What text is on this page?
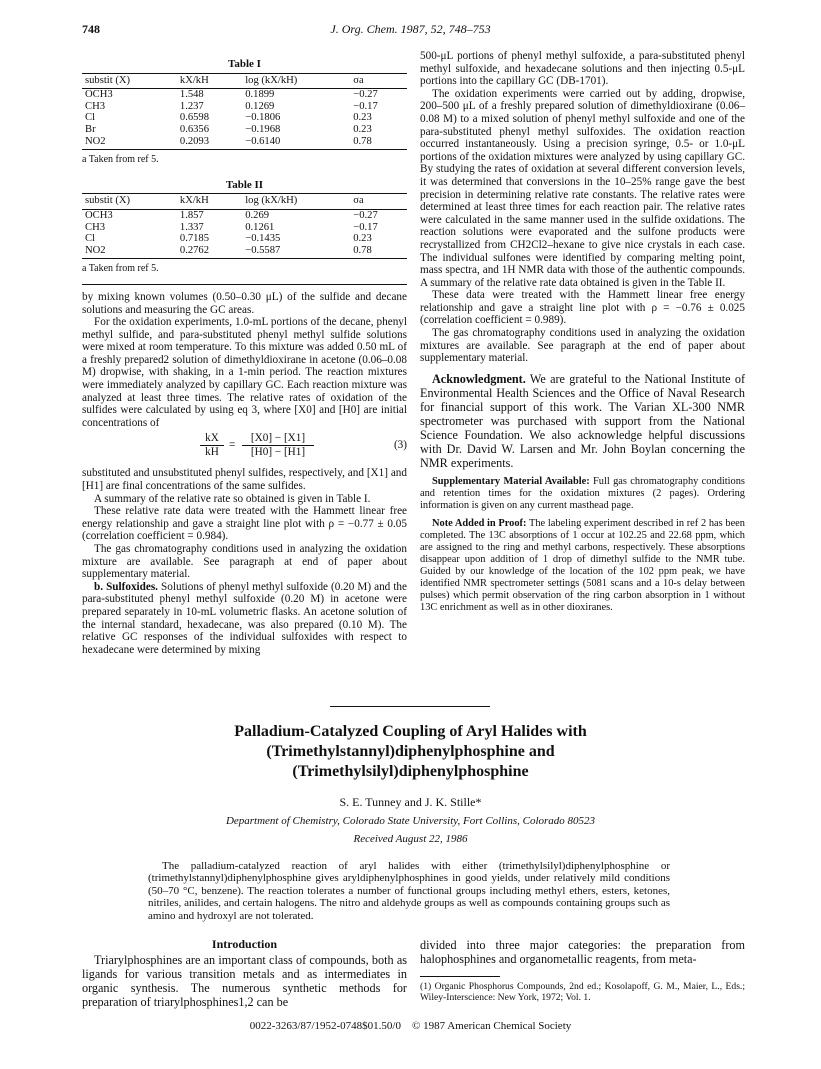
748	J. Org. Chem. 1987, 52, 748–753
Table I
substit (X)	kX/kH	log (kX/kH)	σa
OCH3	1.548	0.1899	−0.27
CH3	1.237	0.1269	−0.17
Cl	0.6598	−0.1806	0.23
Br	0.6356	−0.1968	0.23
NO2	0.2093	−0.6140	0.78
a Taken from ref 5.
Table II
substit (X)	kX/kH	log (kX/kH)	σa
OCH3	1.857	0.269	−0.27
CH3	1.337	0.1261	−0.17
Cl	0.7185	−0.1435	0.23
NO2	0.2762	−0.5587	0.78
a Taken from ref 5.

by mixing known volumes (0.50–0.30 μL) of the sulfide and decane solutions and measuring the GC areas.

For the oxidation experiments, 1.0-mL portions of the decane, phenyl methyl sulfide, and para-substituted phenyl methyl sulfide solutions were mixed at room temperature. To this mixture was added 0.50 mL of a freshly prepared2 solution of dimethyldioxirane in acetone (0.06–0.08 M) dropwise, with shaking, in a 1-min period. The reaction mixtures were immediately analyzed by capillary GC. Each reaction mixture was analyzed at least three times. The relative rates of oxidation of the sulfides were calculated by using eq 3, where [X0] and [H0] are initial concentrations of

kX
kH
=
[X0] − [X1]
[H0] − [H1]
(3)

substituted and unsubstituted phenyl sulfides, respectively, and [X1] and [H1] are final concentrations of the same sulfides.

A summary of the relative rate so obtained is given in Table I.

These relative rate data were treated with the Hammett linear free energy relationship and gave a straight line plot with ρ = −0.77 ± 0.05 (correlation coefficient = 0.984).

The gas chromatography conditions used in analyzing the oxidation mixture are available. See paragraph at end of paper about supplementary material.

b. Sulfoxides. Solutions of phenyl methyl sulfoxide (0.20 M) and the para-substituted phenyl methyl sulfoxide (0.20 M) in acetone were prepared separately in 10-mL volumetric flasks. An acetone solution of the internal standard, hexadecane, was also prepared (0.10 M). The relative GC responses of the individual sulfoxides with respect to hexadecane were determined by mixing

500-μL portions of phenyl methyl sulfoxide, a para-substituted phenyl methyl sulfoxide, and hexadecane solutions and then injecting 0.5-μL portions into the capillary GC (DB-1701).

The oxidation experiments were carried out by adding, dropwise, 200–500 μL of a freshly prepared solution of dimethyldioxirane (0.06–0.08 M) to a mixed solution of phenyl methyl sulfoxide and one of the para-substituted phenyl methyl sulfoxides. The oxidation reaction occurred instantaneously. Using a precision syringe, 0.5- or 1.0-μL portions of the oxidation mixtures were analyzed by using capillary GC. By studying the rates of oxidation at several different conversion levels, it was determined that conversions in the 10–25% range gave the best precision in determining relative rate constants. The relative rates were determined at least three times for each reaction pair. The relative rates were calculated in the same manner used in the sulfide oxidations. The reaction solutions were evaporated and the sulfone products were recrystallized from CH2Cl2–hexane to give nice crystals in each case. The individual sulfones were identified by comparing melting point, mass spectra, and 1H NMR data with those of the authentic compounds. A summary of the relative rate data obtained is given in the Table II.

These data were treated with the Hammett linear free energy relationship and gave a straight line plot with ρ = −0.76 ± 0.025 (correlation coefficient = 0.989).

The gas chromatography conditions used in analyzing the oxidation mixtures are available. See paragraph at the end of paper about supplementary material.

Acknowledgment. We are grateful to the National Institute of Environmental Health Sciences and the Office of Naval Research for financial support of this work. The Varian XL-300 NMR spectrometer was purchased with support from the National Science Foundation. We also acknowledge helpful discussions with Dr. David W. Larsen and Mr. John Boylan concerning the NMR experiments.

Supplementary Material Available: Full gas chromatography conditions and retention times for the oxidation mixtures (2 pages). Ordering information is given on any current masthead page.

Note Added in Proof: The labeling experiment described in ref 2 has been completed. The 13C absorptions of 1 occur at 102.25 and 22.68 ppm, which are assigned to the ring and methyl carbons, respectively. These absorptions disappear upon addition of 1 drop of dimethyl sulfide to the NMR tube. Guided by our knowledge of the location of the 102 ppm peak, we have identified NMR spectrometer settings (5081 scans and a 10-s delay between pulses) which permit observation of the ring carbon absorption in 1 without 13C enrichment as well as in other dioxiranes.

Palladium-Catalyzed Coupling of Aryl Halides with
(Trimethylstannyl)diphenylphosphine and
(Trimethylsilyl)diphenylphosphine
S. E. Tunney and J. K. Stille*
Department of Chemistry, Colorado State University, Fort Collins, Colorado 80523
Received August 22, 1986
The palladium-catalyzed reaction of aryl halides with either (trimethylsilyl)diphenylphosphine or (trimethylstannyl)diphenylphosphine gives aryldiphenylphosphines in good yields, under relatively mild conditions (50–70 °C, benzene). The reaction tolerates a number of functional groups including methyl ethers, esters, ketones, nitriles, anilides, and certain halogens. The nitro and aldehyde groups as well as compounds containing groups such as amino and hydroxyl are not tolerated.
Introduction

Triarylphosphines are an important class of compounds, both as ligands for various transition metals and as intermediates in organic synthesis. The numerous synthetic methods for preparation of triarylphosphines1,2 can be

divided into three major categories: the preparation from halophosphines and organometallic reagents, from meta-

(1) Organic Phosphorus Compounds, 2nd ed.; Kosolapoff, G. M., Maier, L., Eds.; Wiley-Interscience: New York, 1972; Vol. 1.

0022-3263/87/1952-0748$01.50/0 © 1987 American Chemical Society
